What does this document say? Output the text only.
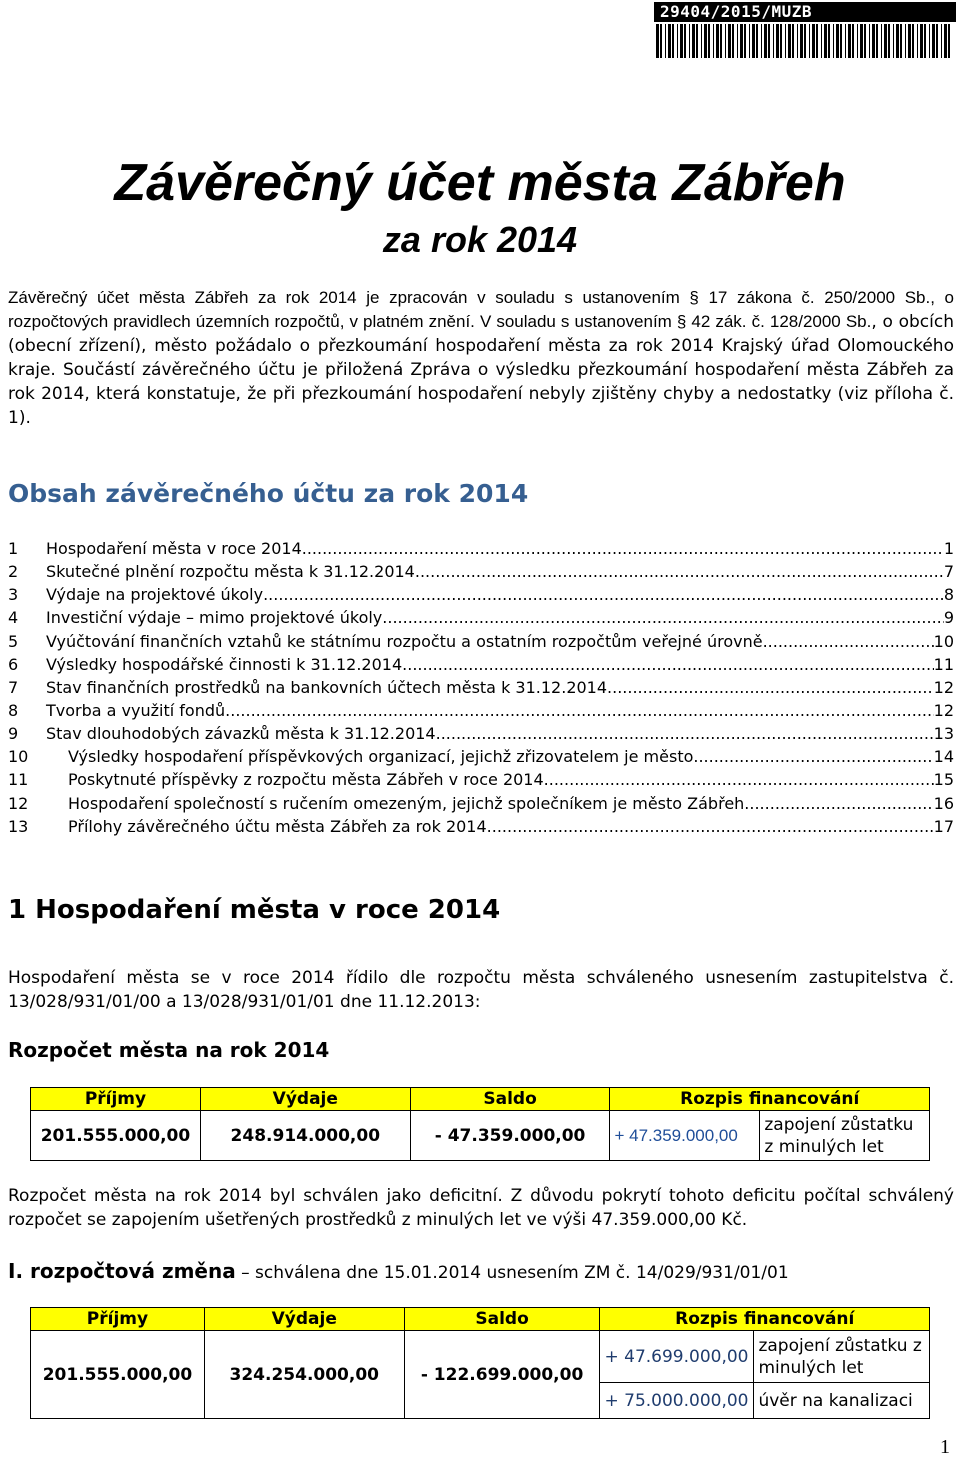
29404/2015/MUZB
Závěrečný účet města Zábřeh
za rok 2014
Závěrečný účet města Zábřeh za rok 2014 je zpracován v souladu s ustanovením § 17 zákona č. 250/2000 Sb., o rozpočtových pravidlech územních rozpočtů, v platném znění. V souladu s ustanovením § 42 zák. č. 128/2000 Sb., o obcích (obecní zřízení), město požádalo o přezkoumání hospodaření města za rok 2014 Krajský úřad Olomouckého kraje. Součástí závěrečného účtu je přiložená Zpráva o výsledku přezkoumání hospodaření města Zábřeh za rok 2014, která konstatuje, že při přezkoumání hospodaření nebyly zjištěny chyby a nedostatky (viz příloha č. 1).
Obsah závěrečného účtu za rok 2014
1	Hospodaření města v roce 2014 .....	1
2	Skutečné plnění rozpočtu města k 31.12.2014 .....	7
3	Výdaje na projektové úkoly .....	8
4	Investiční výdaje – mimo projektové úkoly .....	9
5	Vyúčtování finančních vztahů ke státnímu rozpočtu a ostatním rozpočtům veřejné úrovně .....	10
6	Výsledky hospodářské činnosti k 31.12.2014 .....	11
7	Stav finančních prostředků na bankovních účtech města k 31.12.2014 .....	12
8	Tvorba a využití fondů .....	12
9	Stav dlouhodobých závazků města k 31.12.2014 .....	13
10	Výsledky hospodaření příspěvkových organizací, jejichž zřizovatelem je město .....	14
11	Poskytnuté příspěvky z rozpočtu města Zábřeh v roce 2014 .....	15
12	Hospodaření společností s ručením omezeným, jejichž společníkem je město Zábřeh .....	16
13	Přílohy závěrečného účtu města Zábřeh za rok 2014 .....	17
1 Hospodaření města v roce 2014
Hospodaření města se v roce 2014 řídilo dle rozpočtu města schváleného usnesením zastupitelstva č. 13/028/931/01/00 a 13/028/931/01/01 dne 11.12.2013:
Rozpočet města na rok 2014
Příjmy	Výdaje	Saldo	Rozpis financování	
201.555.000,00	248.914.000,00	- 47.359.000,00	+ 47.359.000,00	zapojení zůstatku z minulých let
Rozpočet města na rok 2014 byl schválen jako deficitní. Z důvodu pokrytí tohoto deficitu počítal schválený rozpočet se zapojením ušetřených prostředků z minulých let ve výši 47.359.000,00 Kč.
I. rozpočtová změna – schválena dne 15.01.2014 usnesením ZM č. 14/029/931/01/01
Příjmy	Výdaje	Saldo	Rozpis financování	
201.555.000,00	324.254.000,00	- 122.699.000,00	+ 47.699.000,00	zapojení zůstatku z minulých let
			+ 75.000.000,00	úvěr na kanalizaci
1
